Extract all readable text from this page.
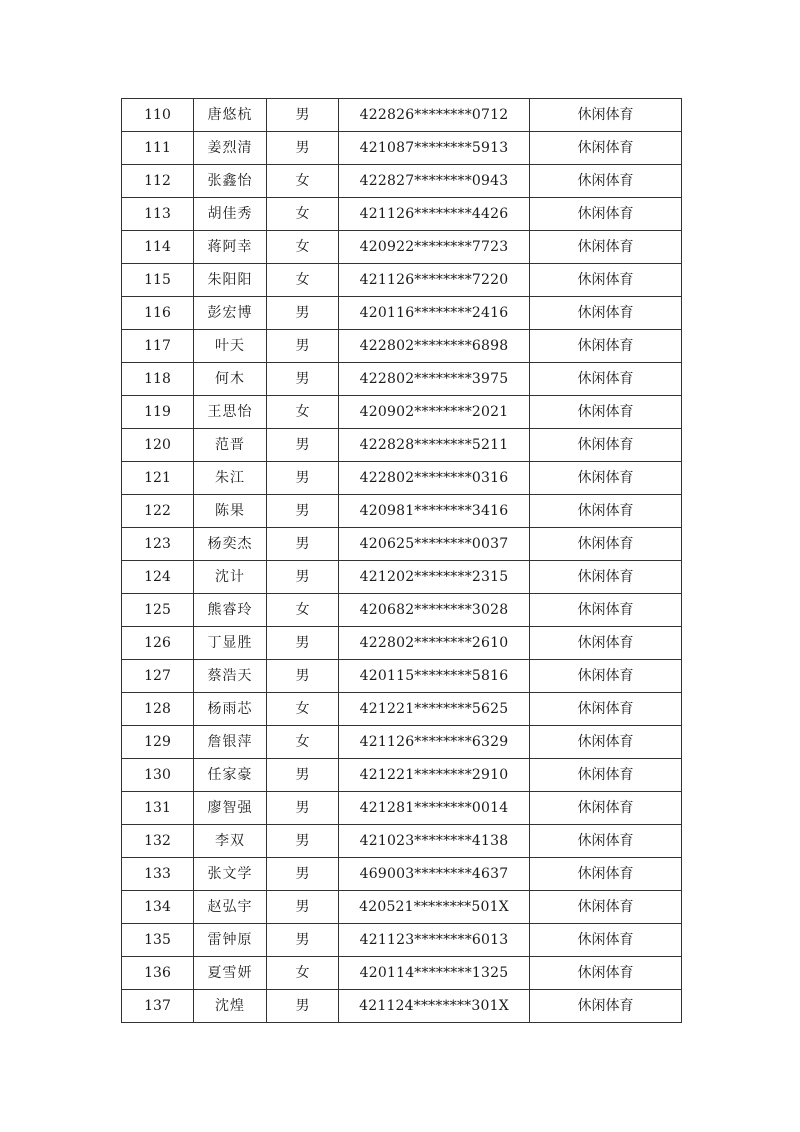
110	唐悠杭	男	422826********0712	休闲体育
111	姜烈清	男	421087********5913	休闲体育
112	张鑫怡	女	422827********0943	休闲体育
113	胡佳秀	女	421126********4426	休闲体育
114	蒋阿幸	女	420922********7723	休闲体育
115	朱阳阳	女	421126********7220	休闲体育
116	彭宏博	男	420116********2416	休闲体育
117	叶天	男	422802********6898	休闲体育
118	何木	男	422802********3975	休闲体育
119	王思怡	女	420902********2021	休闲体育
120	范晋	男	422828********5211	休闲体育
121	朱江	男	422802********0316	休闲体育
122	陈果	男	420981********3416	休闲体育
123	杨奕杰	男	420625********0037	休闲体育
124	沈计	男	421202********2315	休闲体育
125	熊睿玲	女	420682********3028	休闲体育
126	丁显胜	男	422802********2610	休闲体育
127	蔡浩天	男	420115********5816	休闲体育
128	杨雨芯	女	421221********5625	休闲体育
129	詹银萍	女	421126********6329	休闲体育
130	任家豪	男	421221********2910	休闲体育
131	廖智强	男	421281********0014	休闲体育
132	李双	男	421023********4138	休闲体育
133	张文学	男	469003********4637	休闲体育
134	赵弘宇	男	420521********501X	休闲体育
135	雷钟原	男	421123********6013	休闲体育
136	夏雪妍	女	420114********1325	休闲体育
137	沈煌	男	421124********301X	休闲体育
